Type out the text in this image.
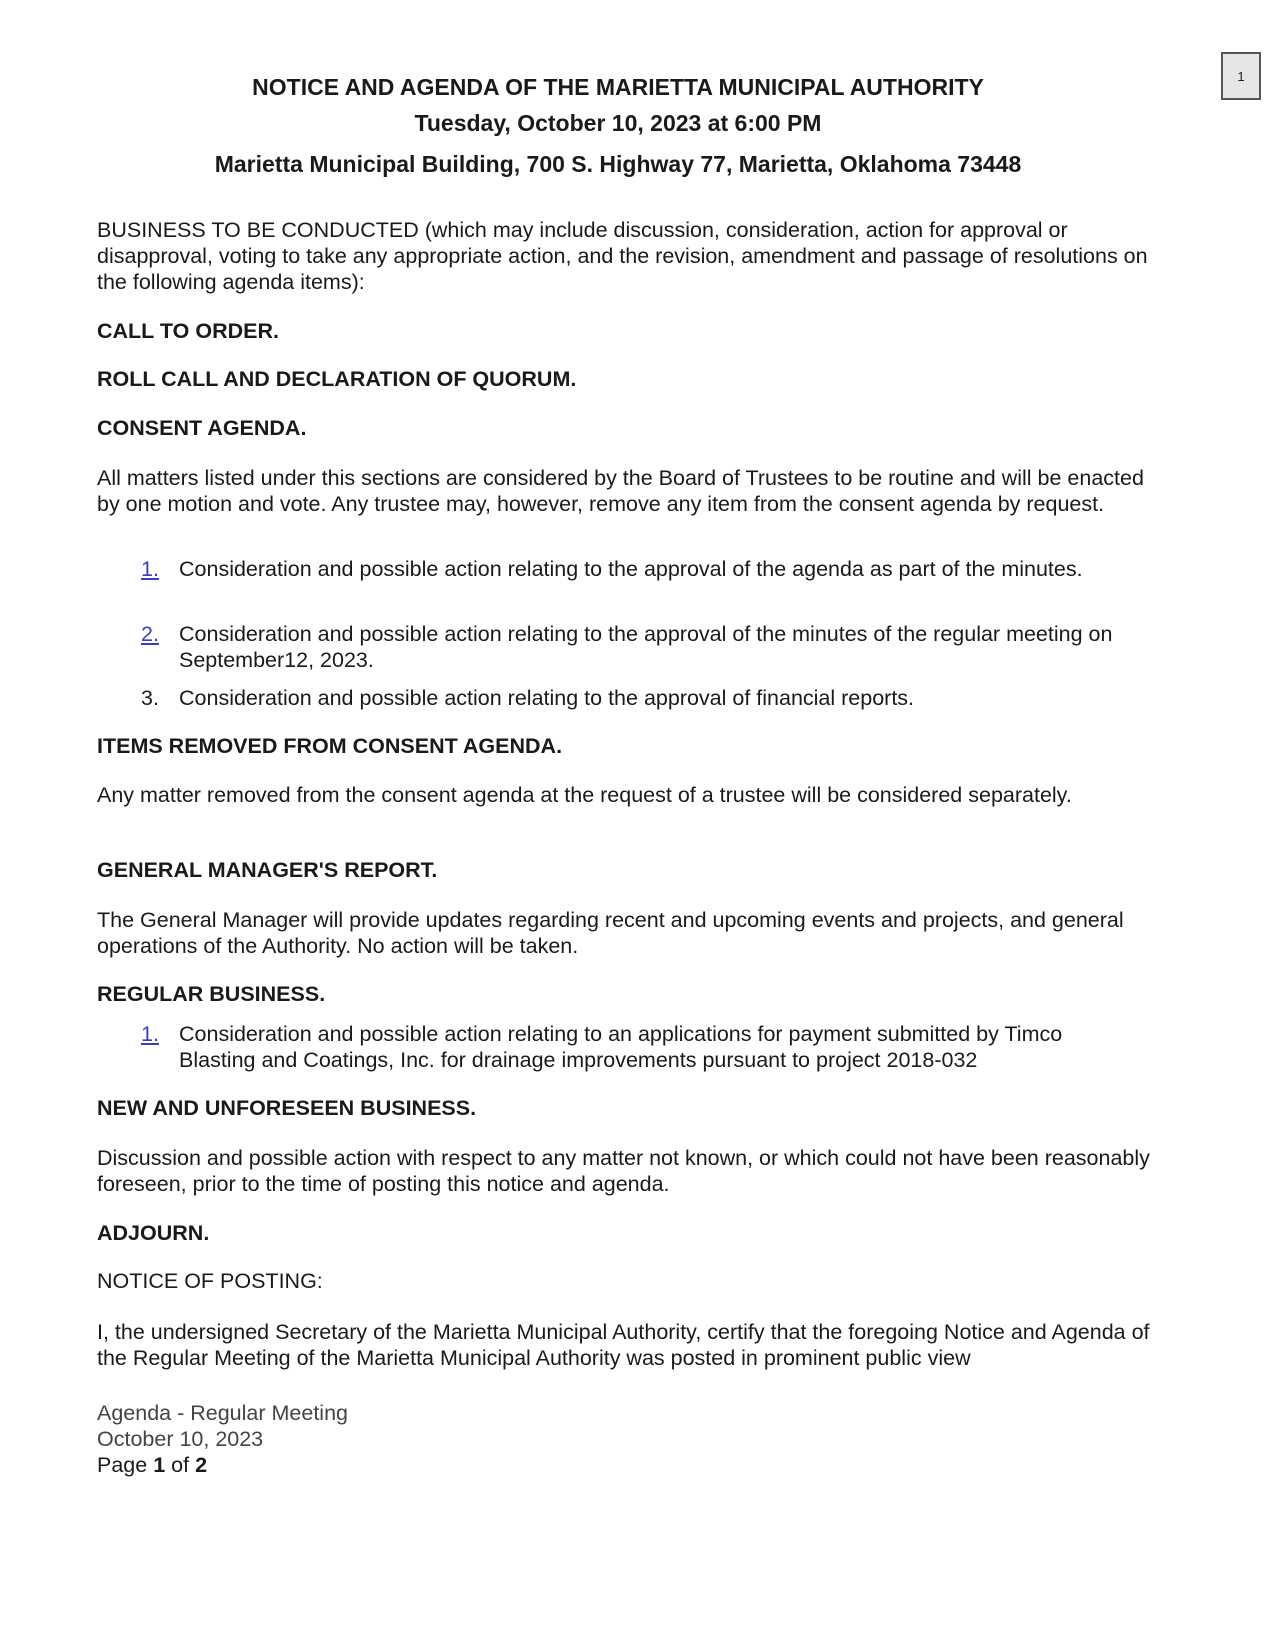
1
NOTICE AND AGENDA OF THE MARIETTA MUNICIPAL AUTHORITY
Tuesday, October 10, 2023 at 6:00 PM
Marietta Municipal Building, 700 S. Highway 77, Marietta, Oklahoma 73448

BUSINESS TO BE CONDUCTED (which may include discussion, consideration, action for approval or disapproval, voting to take any appropriate action, and the revision, amendment and passage of resolutions on the following agenda items):

CALL TO ORDER.
ROLL CALL AND DECLARATION OF QUORUM.
CONSENT AGENDA.

All matters listed under this sections are considered by the Board of Trustees to be routine and will be enacted by one motion and vote. Any trustee may, however, remove any item from the consent agenda by request.

1. Consideration and possible action relating to the approval of the agenda as part of the minutes.
2. Consideration and possible action relating to the approval of the minutes of the regular meeting on September12, 2023.
3. Consideration and possible action relating to the approval of financial reports.
ITEMS REMOVED FROM CONSENT AGENDA.

Any matter removed from the consent agenda at the request of a trustee will be considered separately.

GENERAL MANAGER'S REPORT.

The General Manager will provide updates regarding recent and upcoming events and projects, and general operations of the Authority. No action will be taken.

REGULAR BUSINESS.
1. Consideration and possible action relating to an applications for payment submitted by Timco Blasting and Coatings, Inc. for drainage improvements pursuant to project 2018-032
NEW AND UNFORESEEN BUSINESS.

Discussion and possible action with respect to any matter not known, or which could not have been reasonably foreseen, prior to the time of posting this notice and agenda.

ADJOURN.
NOTICE OF POSTING:

I, the undersigned Secretary of the Marietta Municipal Authority, certify that the foregoing Notice and Agenda of the Regular Meeting of the Marietta Municipal Authority was posted in prominent public view

Agenda - Regular Meeting
October 10, 2023
Page 1 of 2
